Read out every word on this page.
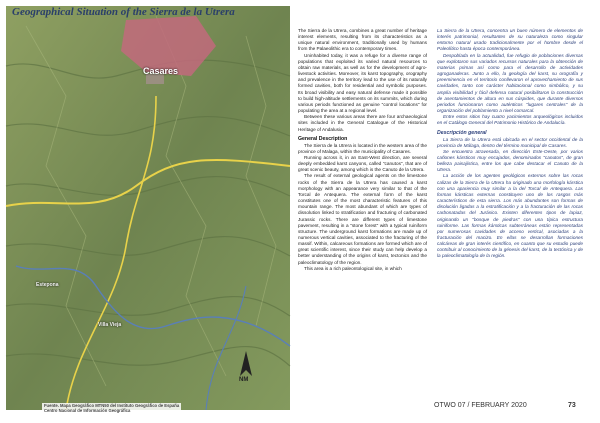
Geographical Situation of the Sierra de la Utrera
Casares
Villa Vieja
Estepona
NM
Fuente. Mapa Geográfico MTN50 del Instituto Geográfico de España
Centro Nacional de Información Geográfica

The Sierra de la Utrera, combines a great number of heritage interest elements, resulting from its characteristics as a unique natural environment, traditionally used by humans from the Palaeolithic era to contemporary times.

Uninhabited today, it was a refuge for a diverse range of populations that exploited its varied natural resources to obtain raw materials, as well as for the development of agro-livestock activities. Moreover, its karst topography, orography and prevalence in the territory lead to the use of its naturally formed cavities, both for residential and symbolic purposes. Its broad visibility and easy natural defense made it possible to build high-altitude settlements on its summits, which during various periods functioned as genuine "control locations" for populating the area at a regional level.

Between these various areas there are four archaeological sites included in the General Catalogue of the Historical Heritage of Andalusia.

General Description

The Sierra de la Utrera is located in the western area of the province of Malaga, within the municipality of Casares.

Running across it, in an East-West direction, are several deeply embedded karst canyons, called "canutos", that are of great scenic beauty, among which is the Canuto de la Utrera.

The result of external geological agents on the limestone rocks of the Sierra de la Utrera has caused a karst morphology with an appearance very similar to that of the Torcal de Antequera. The external form of the karst constitutes one of the most characteristic features of this mountain range. The most abundant of which are types of dissolution linked to stratification and fracturing of carbonated Jurassic rocks. There are different types of limestone pavement, resulting in a "stone forest" with a typical ruiniform structure. The underground karst formations are made up of numerous vertical cavities, associated to the fracturing of the massif. Within, calcareous formations are formed which are of great scientific interest, since their study can help develop a better understanding of the origins of karst, tectonics and the paleoclimatology of the region.

This area is a rich paleontological site, in which

La Sierra de la Utrera, concentra un buen número de elementos de interés patrimonial, resultantes de su naturaleza como singular entorno natural usado tradicionalmente por el hombre desde el Paleolítico hasta época contemporánea.

Despoblada en la actualidad, fue refugio de poblaciones diversas que explotaron sus variados recursos naturales para la obtención de materias primas así como para el desarrollo de actividades agroganaderas. Junto a ello, la geología del karst, su orografía y preeminencia en el territorio conllevaron el aprovechamiento de sus cavidades, tanto con carácter habitacional como simbólico, y su amplia visibilidad y fácil defensa natural posibilitaron la construcción de asentamientos de altura en sus cúspides, que durante diversos periodos funcionaron como auténticos "lugares centrales" de la organización del poblamiento a nivel comarcal.

Entre estos sitios hay cuatro yacimientos arqueológicos incluidos en el Catálogo General del Patrimonio Histórico de Andalucía.

Descripción general

La Sierra de la Utrera está ubicada en el sector occidental de la provincia de Málaga, dentro del término municipal de Casares.

Se encuentra atravesada, en dirección Este-Oeste, por varios cañones kársticos muy encajados, denominados "canutos", de gran belleza paisajística, entre los que cabe destacar el Canuto de la Utrera.

La acción de los agentes geológicos externos sobre las rocas calizas de la Sierra de la Utrera ha originado una morfología kárstica con una apariencia muy similar a la del Torcal de Antequera. Las formas kársticas externas constituyen uno de los rasgos más característicos de esta sierra. Los más abundantes son formas de disolución ligadas a la estratificación y a la fracturación de las rocas carbonatadas del Jurásico. Existen diferentes tipos de lapiaz, originando un "bosque de piedras" con una típica estructura ruiniforme. Las formas kársticas subterráneas están representadas por numerosas cavidades de acceso vertical, asociadas a la fracturación del macizo. En ellas se desarrollan formaciones calcáreas de gran interés científico, en cuanto que su estudio puede contribuir al conocimiento de la génesis del karst, de la tectónica y de la paleoclimatología de la región.

OTWO 07 / FEBRUARY 2020	73
